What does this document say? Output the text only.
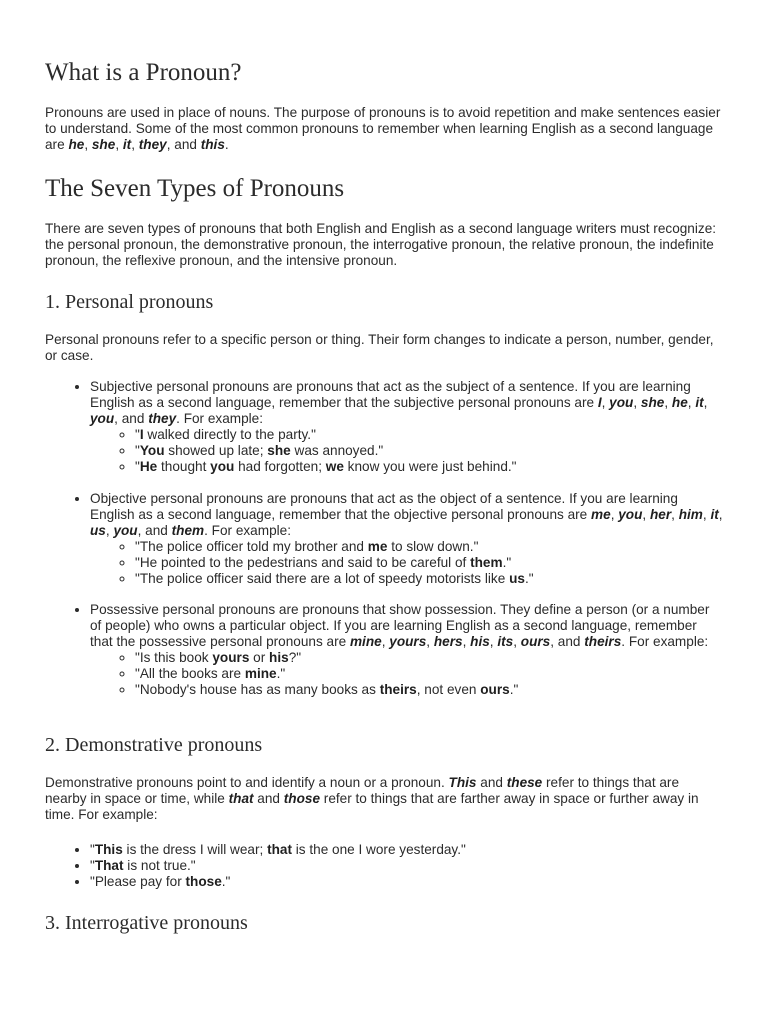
What is a Pronoun?

Pronouns are used in place of nouns. The purpose of pronouns is to avoid repetition and make sentences easier to understand. Some of the most common pronouns to remember when learning English as a second language are he, she, it, they, and this.

The Seven Types of Pronouns

There are seven types of pronouns that both English and English as a second language writers must recognize: the personal pronoun, the demonstrative pronoun, the interrogative pronoun, the relative pronoun, the indefinite pronoun, the reflexive pronoun, and the intensive pronoun.

1. Personal pronouns

Personal pronouns refer to a specific person or thing. Their form changes to indicate a person, number, gender, or case.

• Subjective personal pronouns are pronouns that act as the subject of a sentence. If you are learning English as a second language, remember that the subjective personal pronouns are I, you, she, he, it, you, and they. For example:
◦ "I walked directly to the party."
◦ "You showed up late; she was annoyed."
◦ "He thought you had forgotten; we know you were just behind."
• Objective personal pronouns are pronouns that act as the object of a sentence. If you are learning English as a second language, remember that the objective personal pronouns are me, you, her, him, it, us, you, and them. For example:
◦ "The police officer told my brother and me to slow down."
◦ "He pointed to the pedestrians and said to be careful of them."
◦ "The police officer said there are a lot of speedy motorists like us."
• Possessive personal pronouns are pronouns that show possession. They define a person (or a number of people) who owns a particular object. If you are learning English as a second language, remember that the possessive personal pronouns are mine, yours, hers, his, its, ours, and theirs. For example:
◦ "Is this book yours or his?"
◦ "All the books are mine."
◦ "Nobody's house has as many books as theirs, not even ours."
2. Demonstrative pronouns

Demonstrative pronouns point to and identify a noun or a pronoun. This and these refer to things that are nearby in space or time, while that and those refer to things that are farther away in space or further away in time. For example:

• "This is the dress I will wear; that is the one I wore yesterday."
• "That is not true."
• "Please pay for those."
3. Interrogative pronouns
